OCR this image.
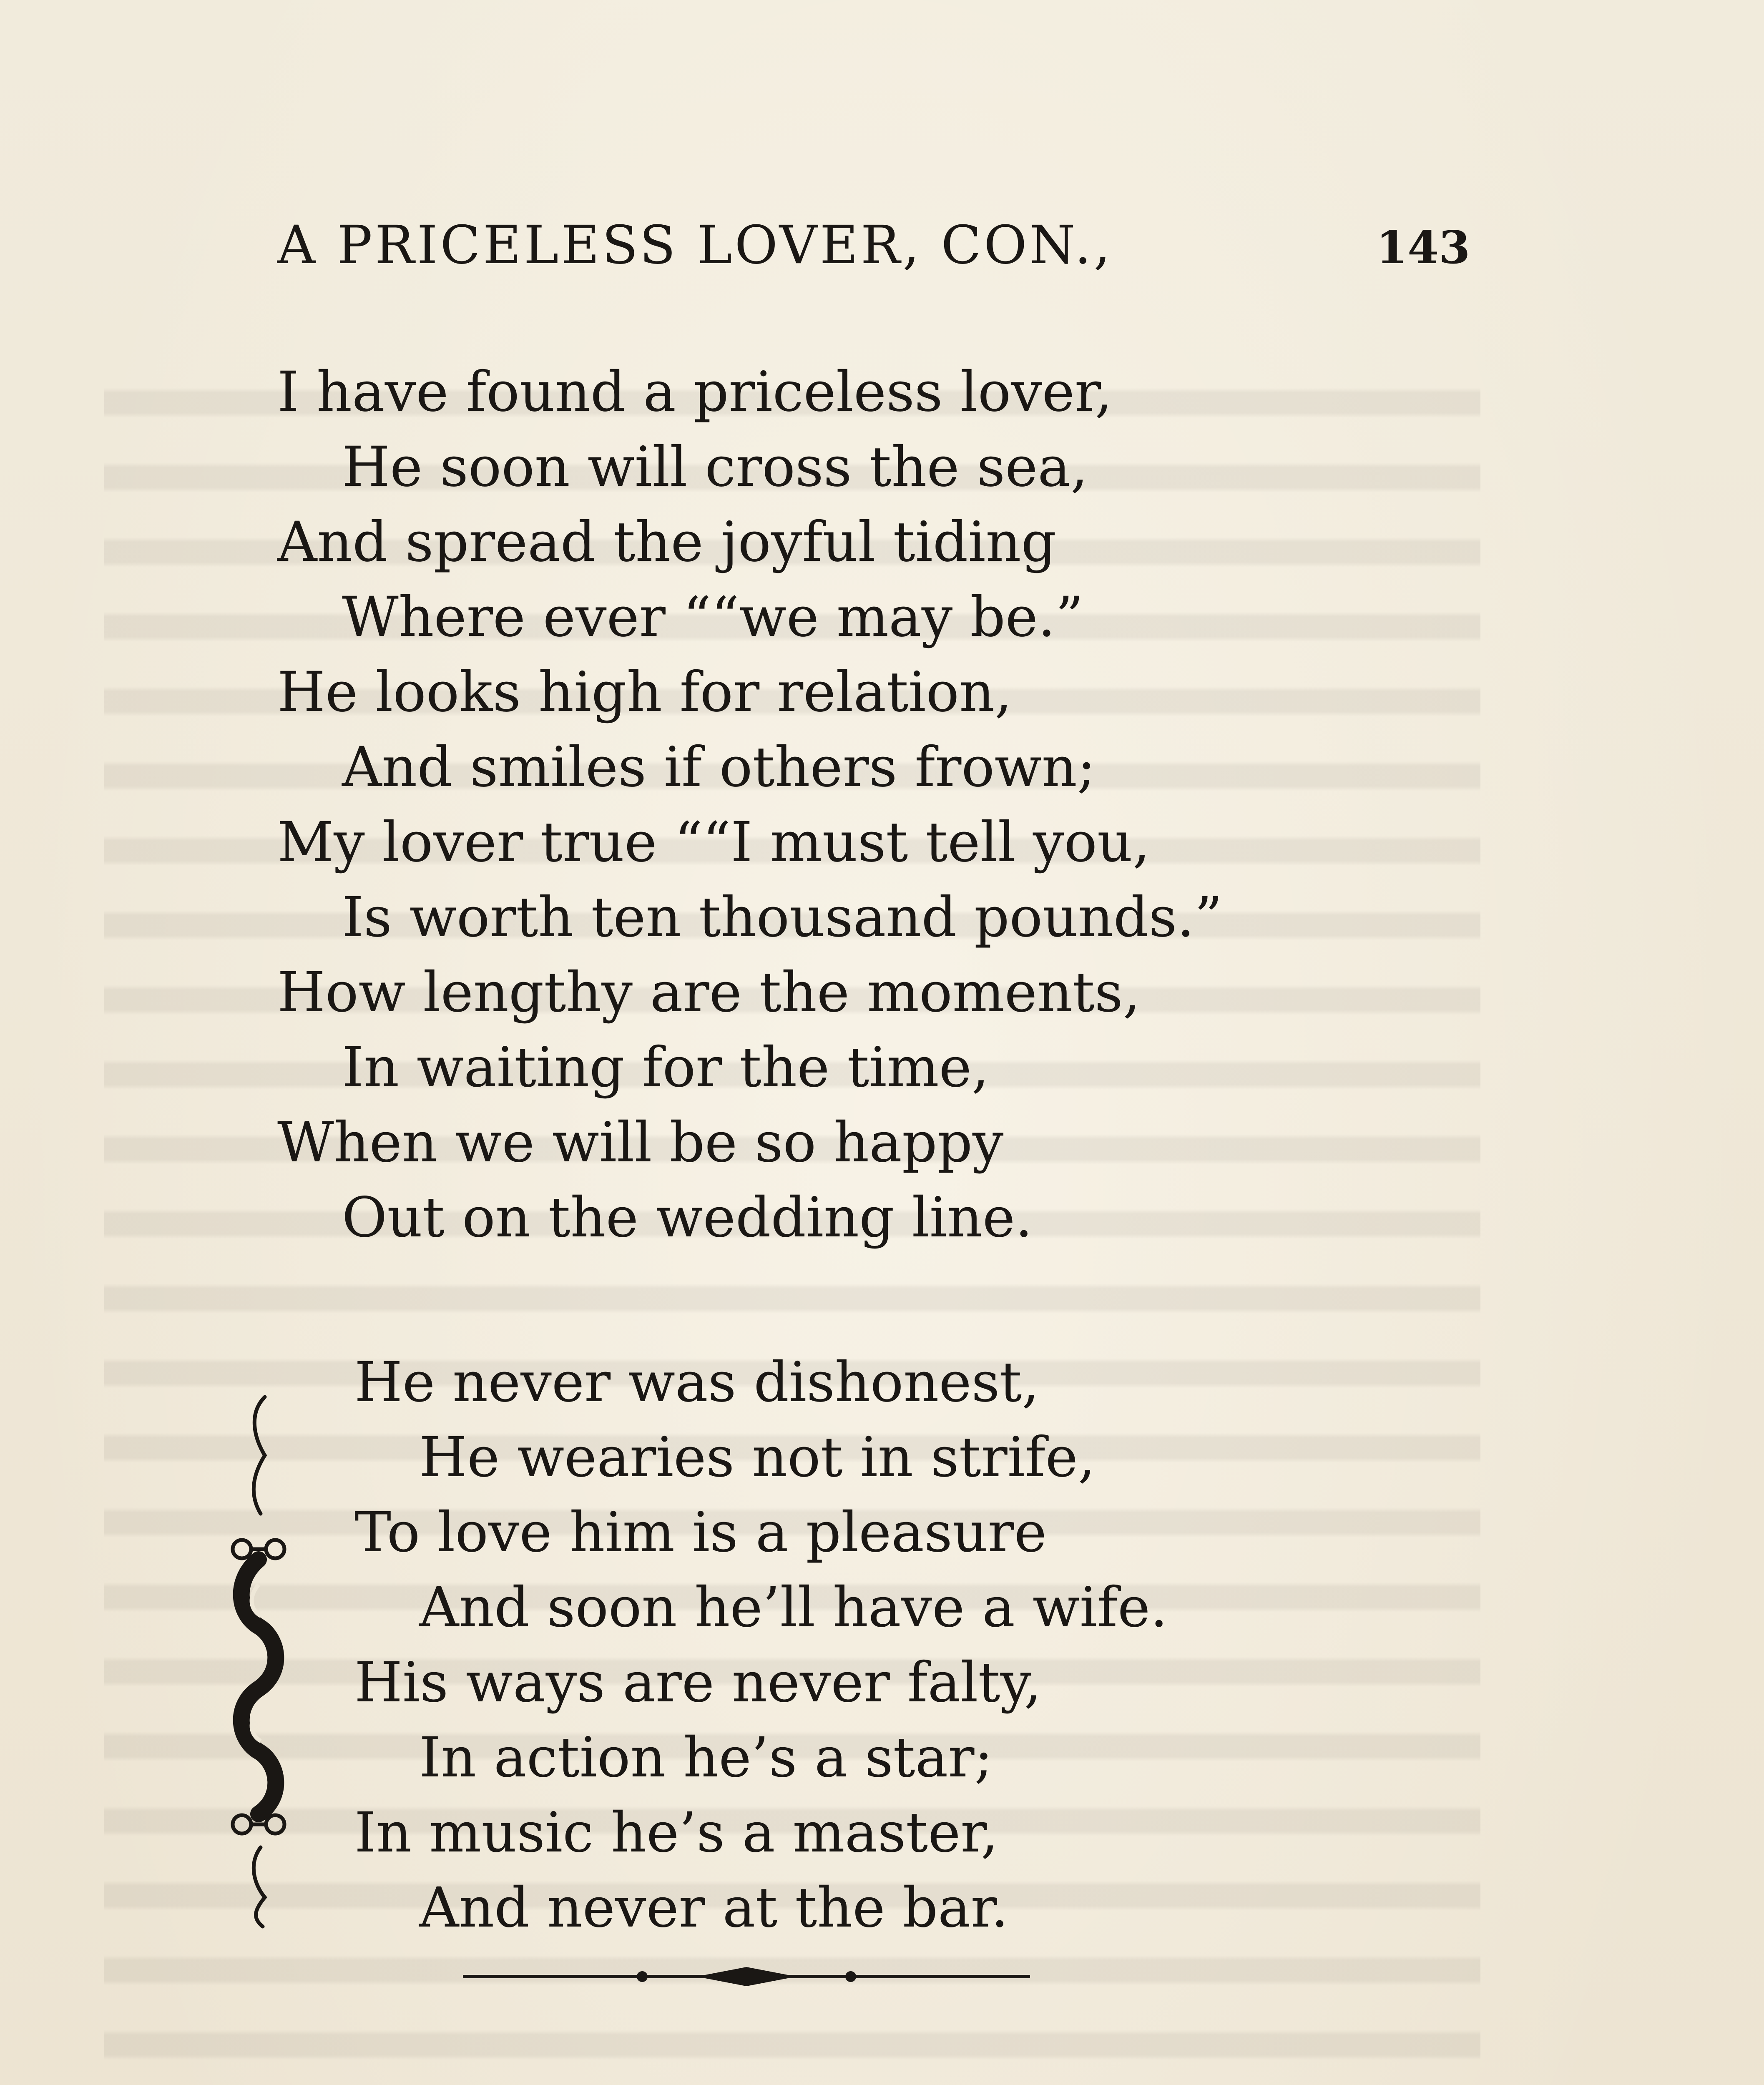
A PRICELESS LOVER, CON.,	143
I have found a priceless lover,
He soon will cross the sea,
And spread the joyful tiding
Where ever ““we may be.”
He looks high for relation,
And smiles if others frown;
My lover true ““I must tell you,
Is worth ten thousand pounds.”
How lengthy are the moments,
In waiting for the time,
When we will be so happy
Out on the wedding line.
He never was dishonest,
He wearies not in strife,
To love him is a pleasure
And soon he’ll have a wife.
His ways are never falty,
In action he’s a star;
In music he’s a master,
And never at the bar.
